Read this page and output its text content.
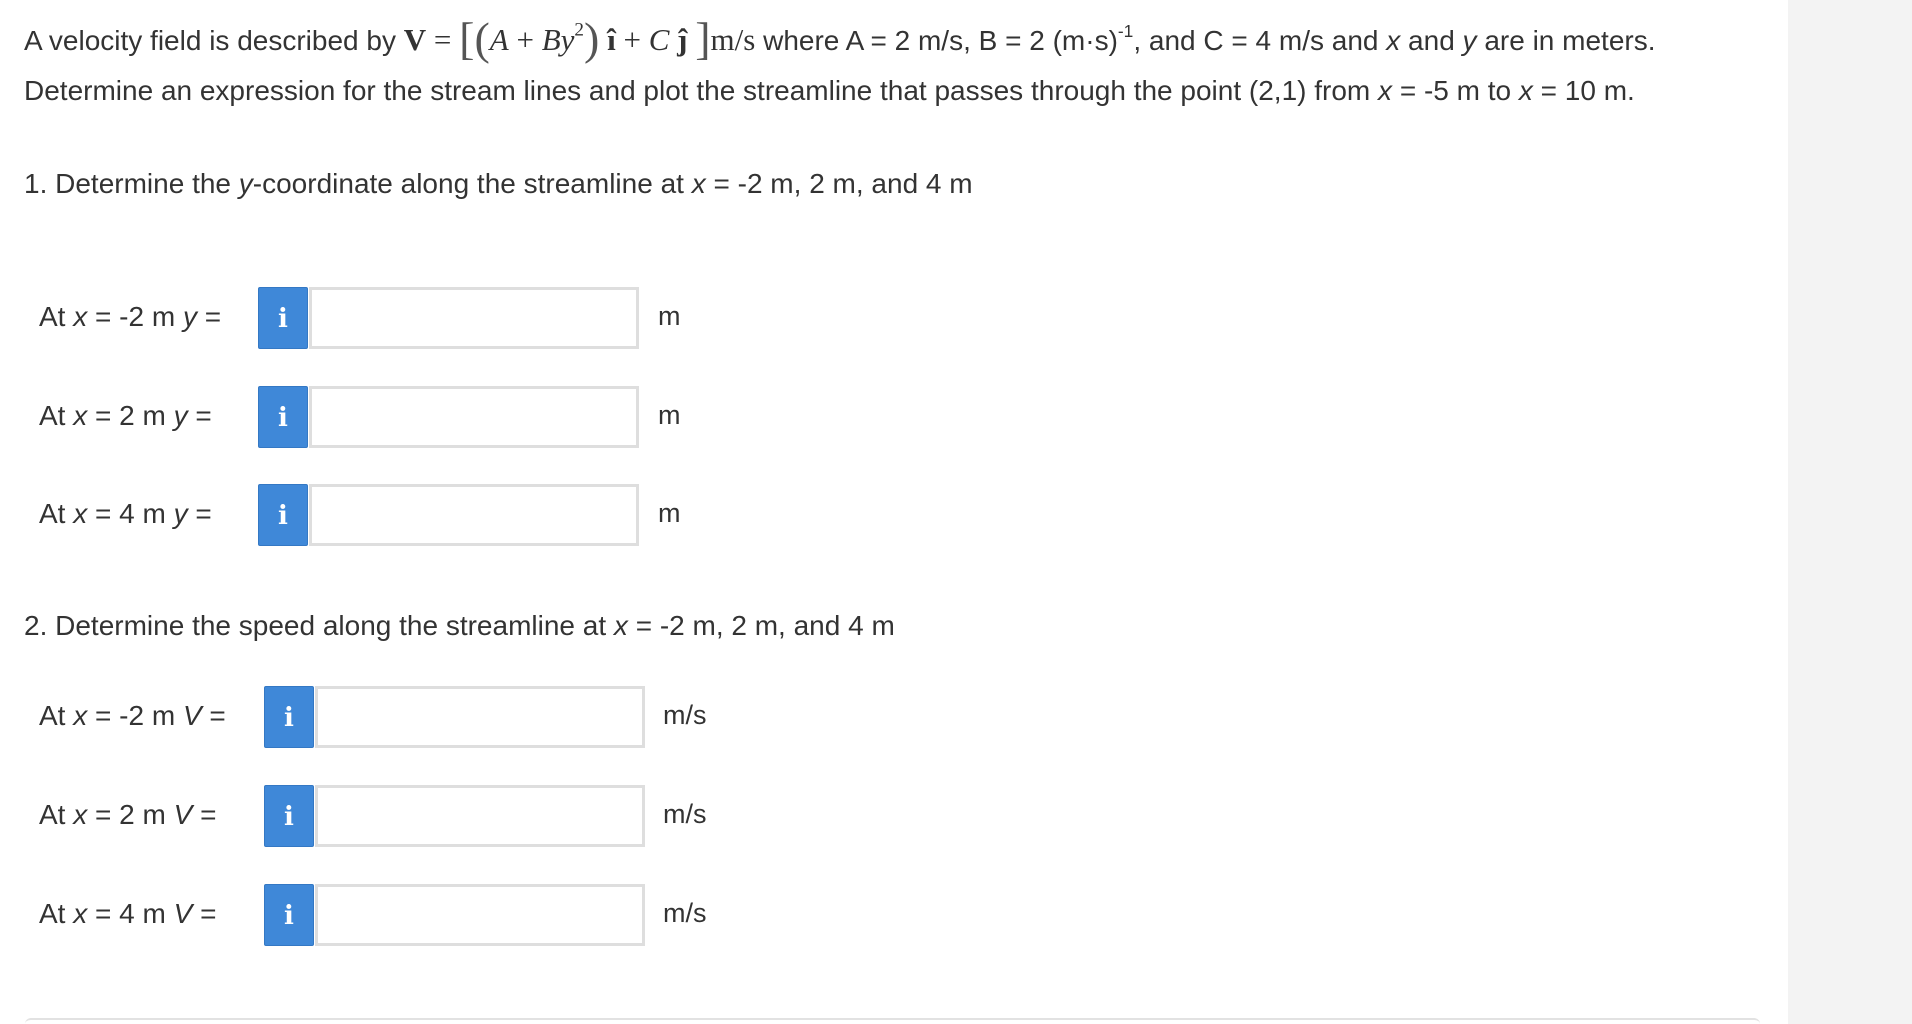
A velocity field is described by $V = [(A + By^2)$ î + C ĵ ]m/s where A = 2 m/s, B = 2 $(m\cdot s)^{-1}$, and C = 4 m/s and x and y are in meters. Determine an expression for the stream lines and plot the streamline that passes through the point (2,1) from x = -5 m to x = 10 m.
1. Determine the y-coordinate along the streamline at x = -2 m, 2 m, and 4 m
At x = -2 m y =	i	m
At x = 2 m y =	i	m
At x = 4 m y =	i	m
2. Determine the speed along the streamline at x = -2 m, 2 m, and 4 m
At x = -2 m V =	i	m/s
At x = 2 m V =	i	m/s
At x = 4 m V =	i	m/s
